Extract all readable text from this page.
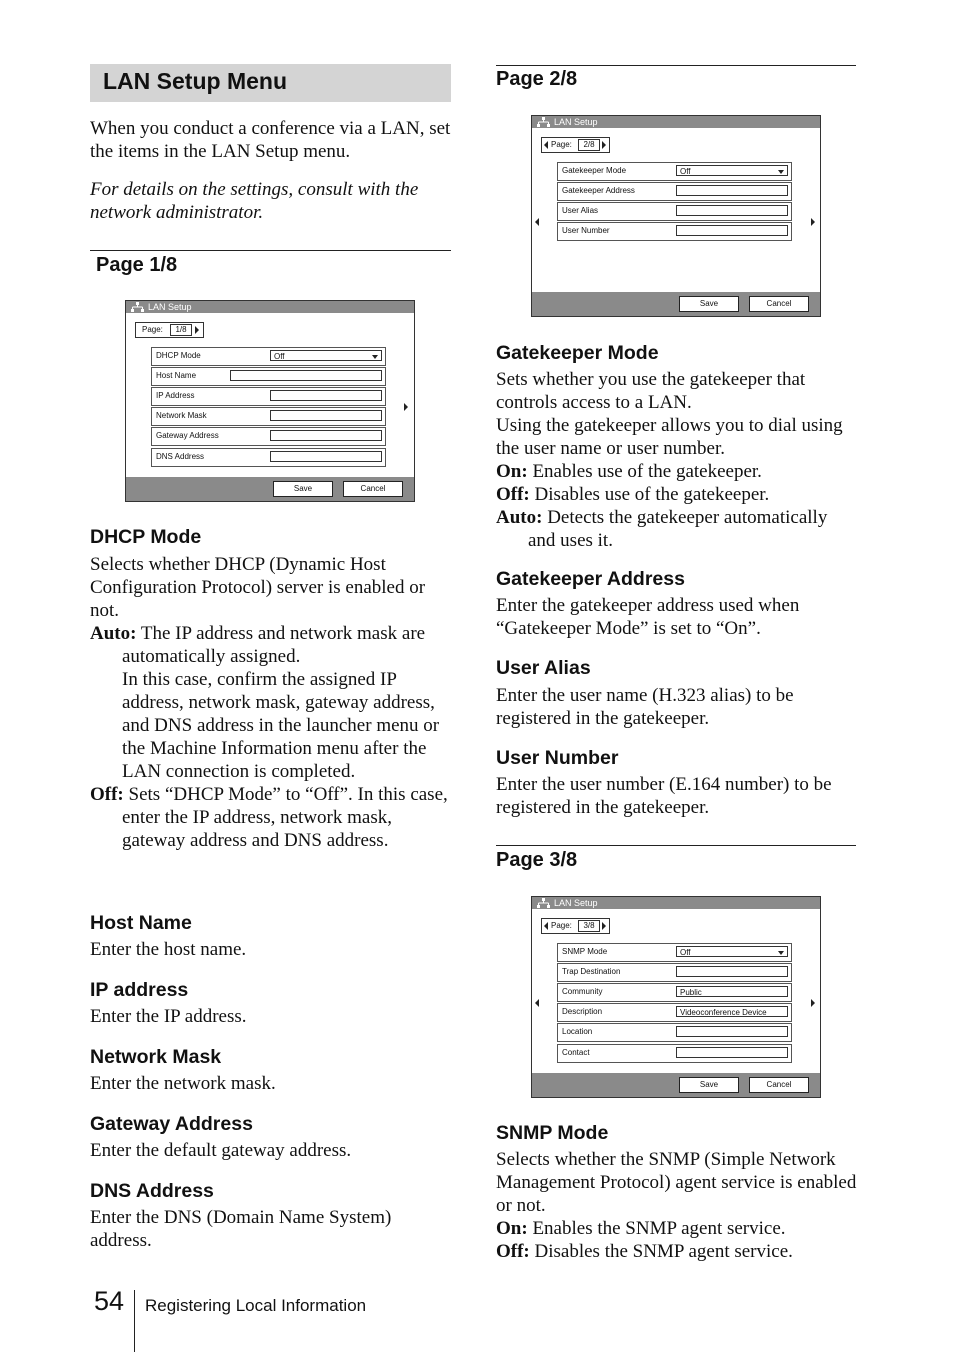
LAN Setup Menu
When you conduct a conference via a LAN, set the items in the LAN Setup menu.
For details on the settings, consult with the network administrator.
Page 1/8
LAN Setup
Page:	1/8
DHCP Mode	Off
Host Name
IP Address
Network Mask
Gateway Address
DNS Address
Save	Cancel
DHCP Mode
Selects whether DHCP (Dynamic Host Configuration Protocol) server is enabled or not.
Auto: The IP address and network mask are automatically assigned.
In this case, confirm the assigned IP address, network mask, gateway address, and DNS address in the launcher menu or the Machine Information menu after the LAN connection is completed.
Off: Sets “DHCP Mode” to “Off”. In this case, enter the IP address, network mask, gateway address and DNS address.
Host Name
Enter the host name.
IP address
Enter the IP address.
Network Mask
Enter the network mask.
Gateway Address
Enter the default gateway address.
DNS Address
Enter the DNS (Domain Name System) address.
Page 2/8
LAN Setup
Page:	2/8
Gatekeeper Mode	Off
Gatekeeper Address
User Alias
User Number
Save	Cancel
Gatekeeper Mode
Sets whether you use the gatekeeper that controls access to a LAN.
Using the gatekeeper allows you to dial using the user name or user number.
On: Enables use of the gatekeeper.
Off: Disables use of the gatekeeper.
Auto: Detects the gatekeeper automatically
and uses it.
Gatekeeper Address
Enter the gatekeeper address used when “Gatekeeper Mode” is set to “On”.
User Alias
Enter the user name (H.323 alias) to be registered in the gatekeeper.
User Number
Enter the user number (E.164 number) to be registered in the gatekeeper.
Page 3/8
LAN Setup
Page:	3/8
SNMP Mode	Off
Trap Destination
Community	Public
Description	Videoconference Device
Location
Contact
Save	Cancel
SNMP Mode
Selects whether the SNMP (Simple Network Management Protocol) agent service is enabled or not.
On: Enables the SNMP agent service.
Off: Disables the SNMP agent service.
54 Registering Local Information
